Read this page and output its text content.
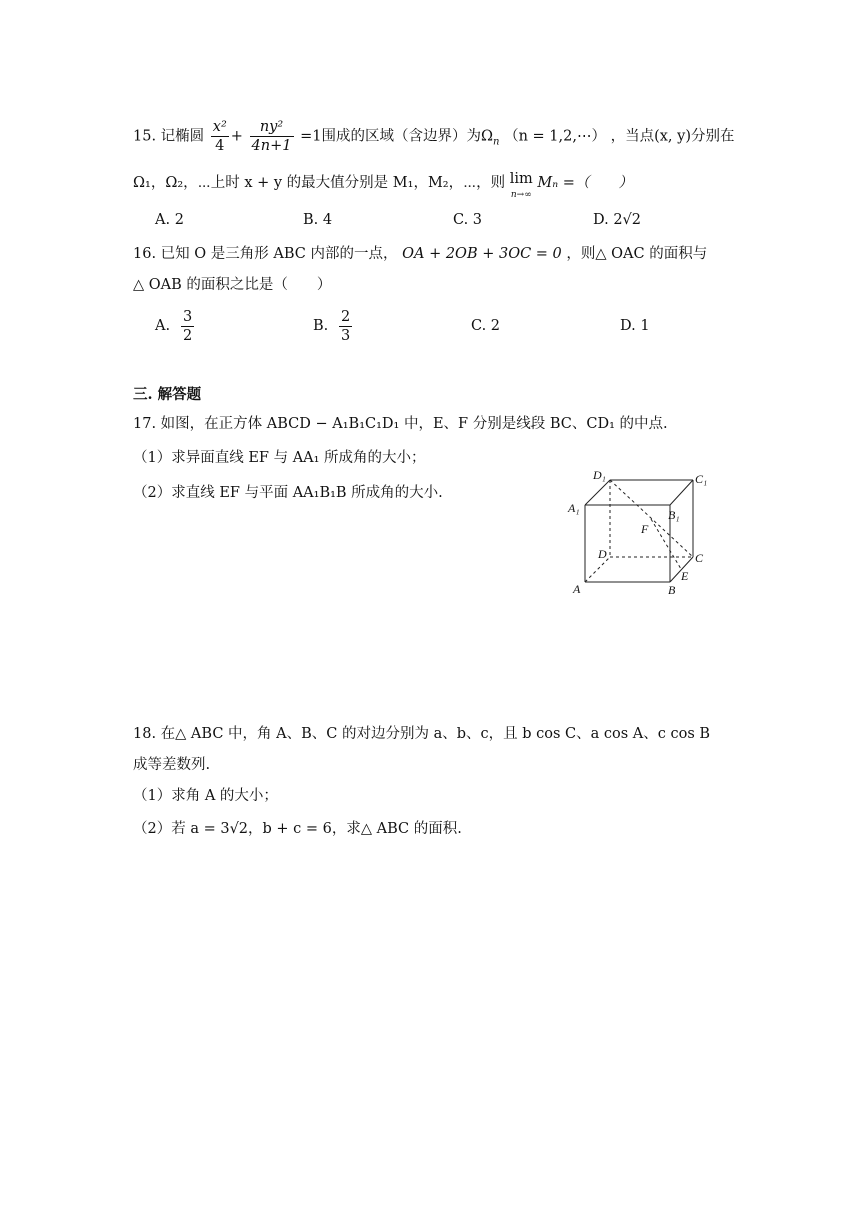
15. 记椭圆 $\frac{\text{x²}}{4} + \frac{\text{ny²}}{4n+1} =1$围成的区域（含边界）为$\Omega_n$ （n = 1,2,⋯） ，当点(x, y)分别在
Ω₁，Ω₂，⋯上时 x + y 的最大值分别是 M₁，M₂，⋯，则 lim
n→∞ Mₙ =（　　）
A. 2	B. 4	C. 3	D. 2√2
16. 已知 O 是三角形 ABC 内部的一点， OA + 2OB + 3OC = 0 ，则△ OAC 的面积与
△ OAB 的面积之比是（　　）
A. $\frac{3}{2}$	B. $\frac{2}{3}$	C. 2	D. 1
三. 解答题
17. 如图，在正方体 ABCD − A₁B₁C₁D₁ 中，E、F 分别是线段 BC、CD₁ 的中点.
（1）求异面直线 EF 与 AA₁ 所成角的大小；
（2）求直线 EF 与平面 AA₁B₁B 所成角的大小.
D₁	C₁
A₁	B₁
F
D	C
E
A	B
18. 在△ ABC 中，角 A、B、C 的对边分别为 a、b、c，且 b cos C、a cos A、c cos B
成等差数列.
（1）求角 A 的大小；
（2）若 a = 3√2，b + c = 6，求△ ABC 的面积.
